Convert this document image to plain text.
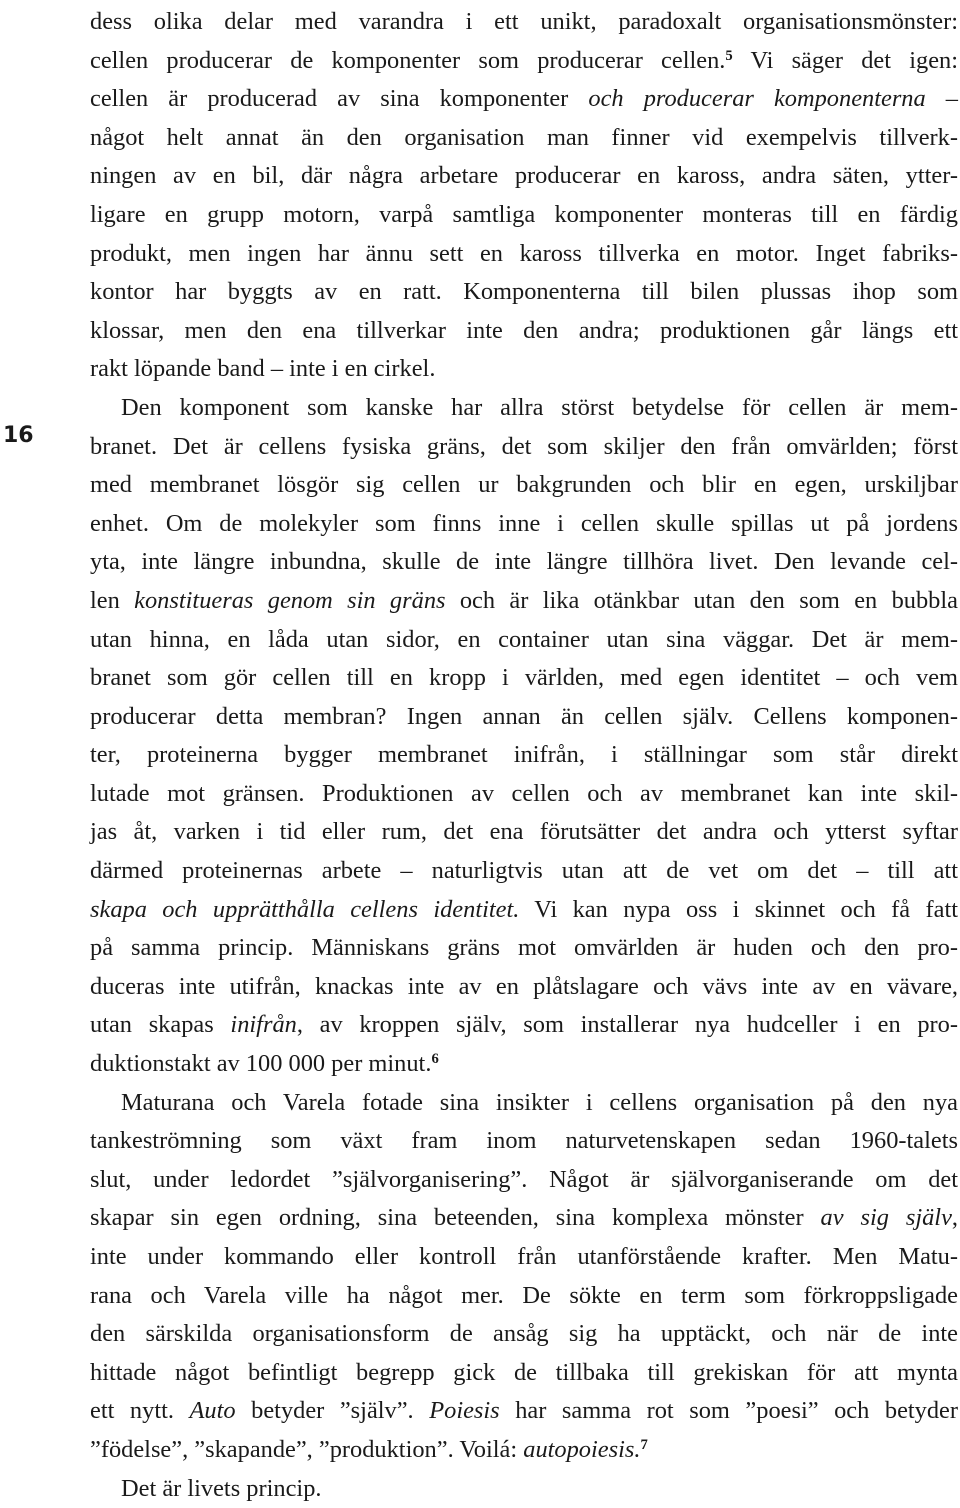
16
dess olika delar med varandra i ett unikt, paradoxalt organisationsmönster:
cellen producerar de komponenter som producerar cellen.$^5$ Vi säger det igen:
cellen är producerad av sina komponenter och producerar komponenterna –
något helt annat än den organisation man finner vid exempelvis tillverk-
ningen av en bil, där några arbetare producerar en kaross, andra säten, ytter-
ligare en grupp motorn, varpå samtliga komponenter monteras till en färdig
produkt, men ingen har ännu sett en kaross tillverka en motor. Inget fabriks-
kontor har byggts av en ratt. Komponenterna till bilen plussas ihop som
klossar, men den ena tillverkar inte den andra; produktionen går längs ett
rakt löpande band – inte i en cirkel.
Den komponent som kanske har allra störst betydelse för cellen är mem-
branet. Det är cellens fysiska gräns, det som skiljer den från omvärlden; först
med membranet lösgör sig cellen ur bakgrunden och blir en egen, urskiljbar
enhet. Om de molekyler som finns inne i cellen skulle spillas ut på jordens
yta, inte längre inbundna, skulle de inte längre tillhöra livet. Den levande cel-
len konstitueras genom sin gräns och är lika otänkbar utan den som en bubbla
utan hinna, en låda utan sidor, en container utan sina väggar. Det är mem-
branet som gör cellen till en kropp i världen, med egen identitet – och vem
producerar detta membran? Ingen annan än cellen själv. Cellens komponen-
ter, proteinerna bygger membranet inifrån, i ställningar som står direkt
lutade mot gränsen. Produktionen av cellen och av membranet kan inte skil-
jas åt, varken i tid eller rum, det ena förutsätter det andra och ytterst syftar
därmed proteinernas arbete – naturligtvis utan att de vet om det – till att
skapa och upprätthålla cellens identitet. Vi kan nypa oss i skinnet och få fatt
på samma princip. Människans gräns mot omvärlden är huden och den pro-
duceras inte utifrån, knackas inte av en plåtslagare och vävs inte av en vävare,
utan skapas inifrån, av kroppen själv, som installerar nya hudceller i en pro-
duktionstakt av 100 000 per minut.$^6$
Maturana och Varela fotade sina insikter i cellens organisation på den nya
tankeströmning som växt fram inom naturvetenskapen sedan 1960-talets
slut, under ledordet ”självorganisering”. Något är självorganiserande om det
skapar sin egen ordning, sina beteenden, sina komplexa mönster av sig själv,
inte under kommando eller kontroll från utanförstående krafter. Men Matu-
rana och Varela ville ha något mer. De sökte en term som förkroppsligade
den särskilda organisationsform de ansåg sig ha upptäckt, och när de inte
hittade något befintligt begrepp gick de tillbaka till grekiskan för att mynta
ett nytt. Auto betyder ”själv”. Poiesis har samma rot som ”poesi” och betyder
”födelse”, ”skapande”, ”produktion”. Voilá: autopoiesis.$^7$
Det är livets princip.
